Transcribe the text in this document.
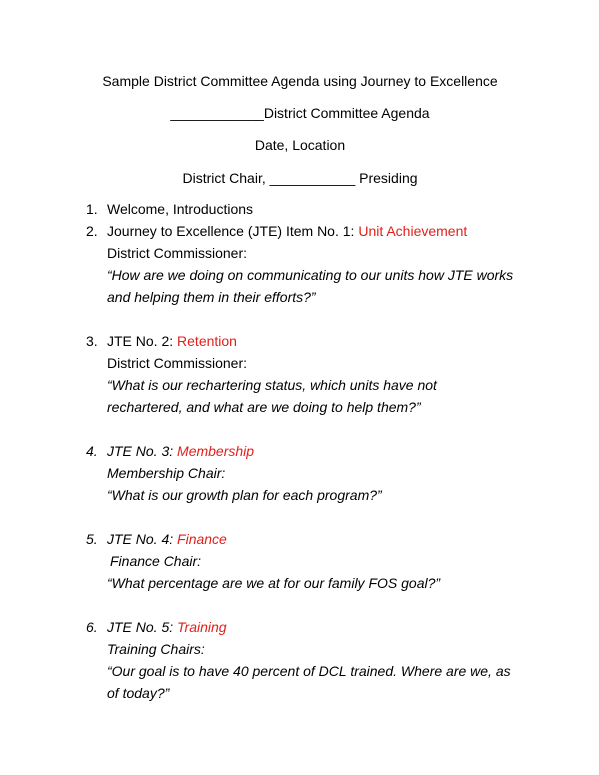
Sample District Committee Agenda using Journey to Excellence
____________District Committee Agenda
Date, Location
District Chair, ___________ Presiding
1. Welcome, Introductions
2. Journey to Excellence (JTE) Item No. 1: Unit Achievement
District Commissioner:
“How are we doing on communicating to our units how JTE works
and helping them in their efforts?”
3. JTE No. 2: Retention
District Commissioner:
“What is our rechartering status, which units have not
rechartered, and what are we doing to help them?”
4. JTE No. 3: Membership
Membership Chair:
“What is our growth plan for each program?”
5. JTE No. 4: Finance
Finance Chair:
“What percentage are we at for our family FOS goal?”
6. JTE No. 5: Training
Training Chairs:
“Our goal is to have 40 percent of DCL trained. Where are we, as
of today?”
